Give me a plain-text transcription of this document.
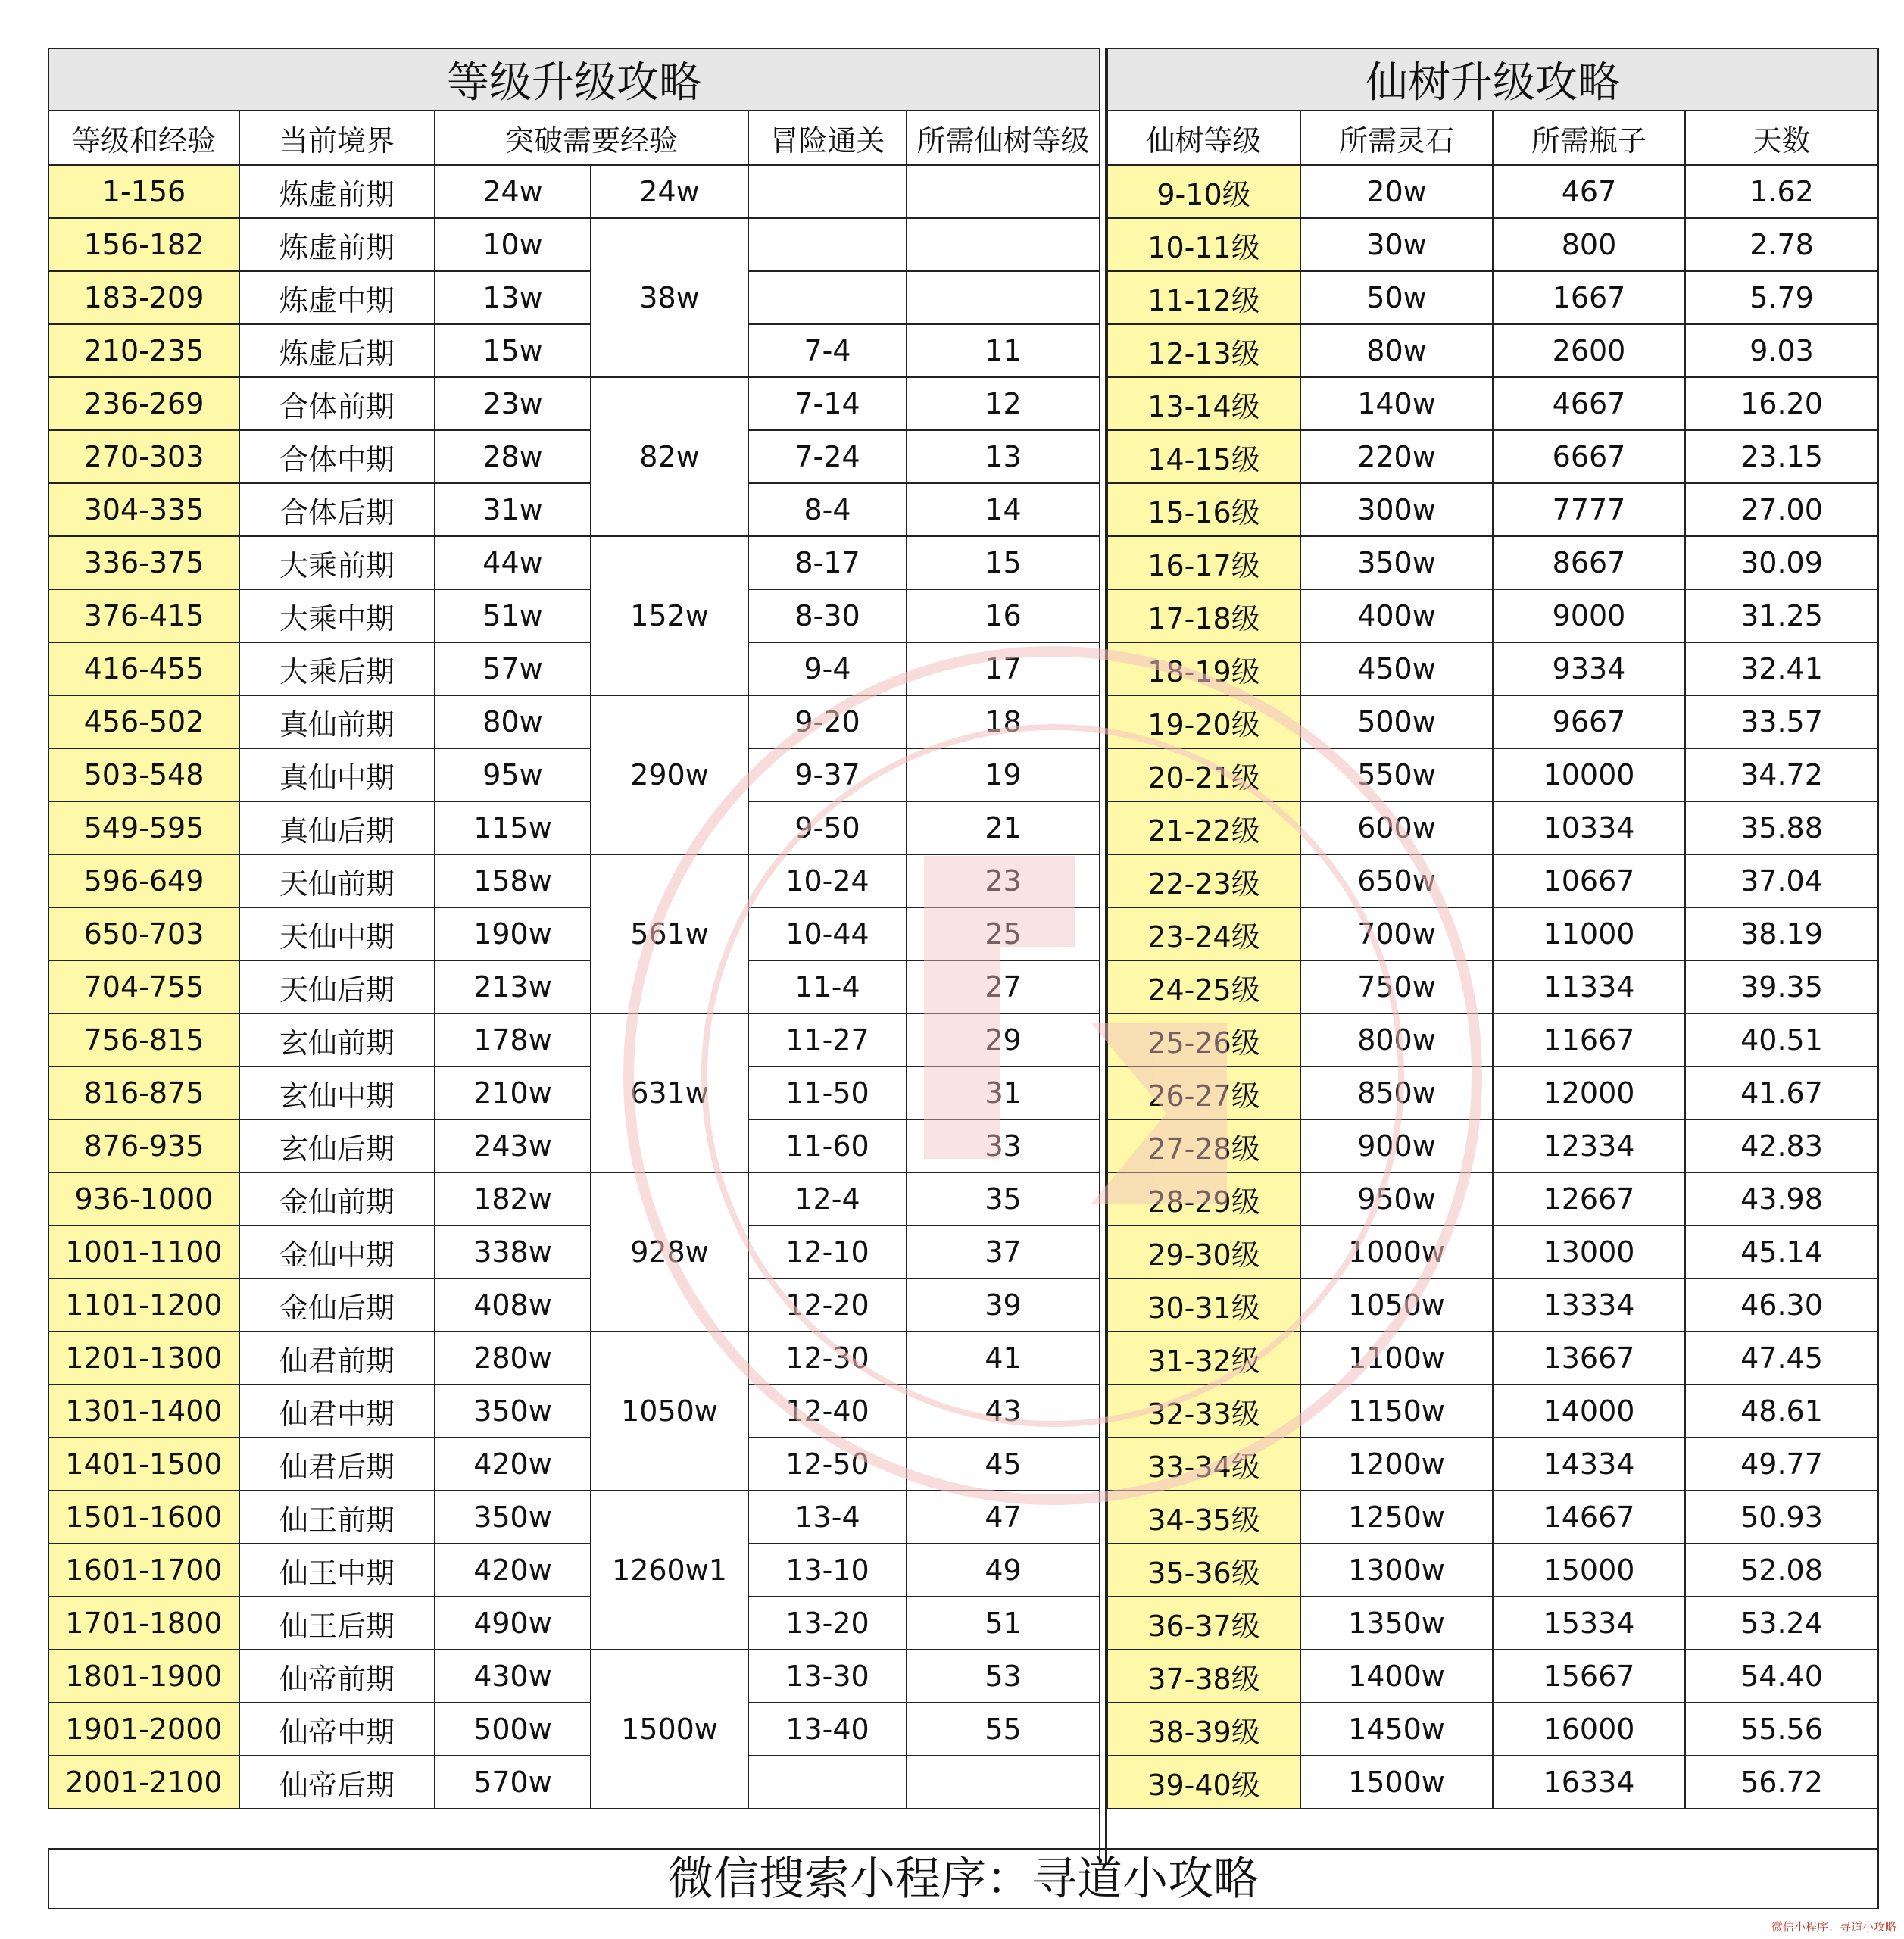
等级升级攻略					
等级和经验	当前境界	突破需要经验		冒险通关	所需仙树等级
1-156	炼虚前期	24w	24w		
156-182	炼虚前期	10w	38w		
183-209	炼虚中期	13w			
210-235	炼虚后期	15w		7-4	11
236-269	合体前期	23w	82w	7-14	12
270-303	合体中期	28w		7-24	13
304-335	合体后期	31w		8-4	14
336-375	大乘前期	44w	152w	8-17	15
376-415	大乘中期	51w		8-30	16
416-455	大乘后期	57w		9-4	17
456-502	真仙前期	80w	290w	9-20	18
503-548	真仙中期	95w		9-37	19
549-595	真仙后期	115w		9-50	21
596-649	天仙前期	158w	561w	10-24	23
650-703	天仙中期	190w		10-44	25
704-755	天仙后期	213w		11-4	27
756-815	玄仙前期	178w	631w	11-27	29
816-875	玄仙中期	210w		11-50	31
876-935	玄仙后期	243w		11-60	33
936-1000	金仙前期	182w	928w	12-4	35
1001-1100	金仙中期	338w		12-10	37
1101-1200	金仙后期	408w		12-20	39
1201-1300	仙君前期	280w	1050w	12-30	41
1301-1400	仙君中期	350w		12-40	43
1401-1500	仙君后期	420w		12-50	45
1501-1600	仙王前期	350w	1260w1	13-4	47
1601-1700	仙王中期	420w		13-10	49
1701-1800	仙王后期	490w		13-20	51
1801-1900	仙帝前期	430w	1500w	13-30	53
1901-2000	仙帝中期	500w		13-40	55
2001-2100	仙帝后期	570w			
仙树升级攻略			
仙树等级	所需灵石	所需瓶子	天数
9-10级	20w	467	1.62
10-11级	30w	800	2.78
11-12级	50w	1667	5.79
12-13级	80w	2600	9.03
13-14级	140w	4667	16.20
14-15级	220w	6667	23.15
15-16级	300w	7777	27.00
16-17级	350w	8667	30.09
17-18级	400w	9000	31.25
18-19级	450w	9334	32.41
19-20级	500w	9667	33.57
20-21级	550w	10000	34.72
21-22级	600w	10334	35.88
22-23级	650w	10667	37.04
23-24级	700w	11000	38.19
24-25级	750w	11334	39.35
25-26级	800w	11667	40.51
26-27级	850w	12000	41.67
27-28级	900w	12334	42.83
28-29级	950w	12667	43.98
29-30级	1000w	13000	45.14
30-31级	1050w	13334	46.30
31-32级	1100w	13667	47.45
32-33级	1150w	14000	48.61
33-34级	1200w	14334	49.77
34-35级	1250w	14667	50.93
35-36级	1300w	15000	52.08
36-37级	1350w	15334	53.24
37-38级	1400w	15667	54.40
38-39级	1450w	16000	55.56
39-40级	1500w	16334	56.72
微信搜索小程序：寻道小攻略
微信小程序：寻道小攻略
